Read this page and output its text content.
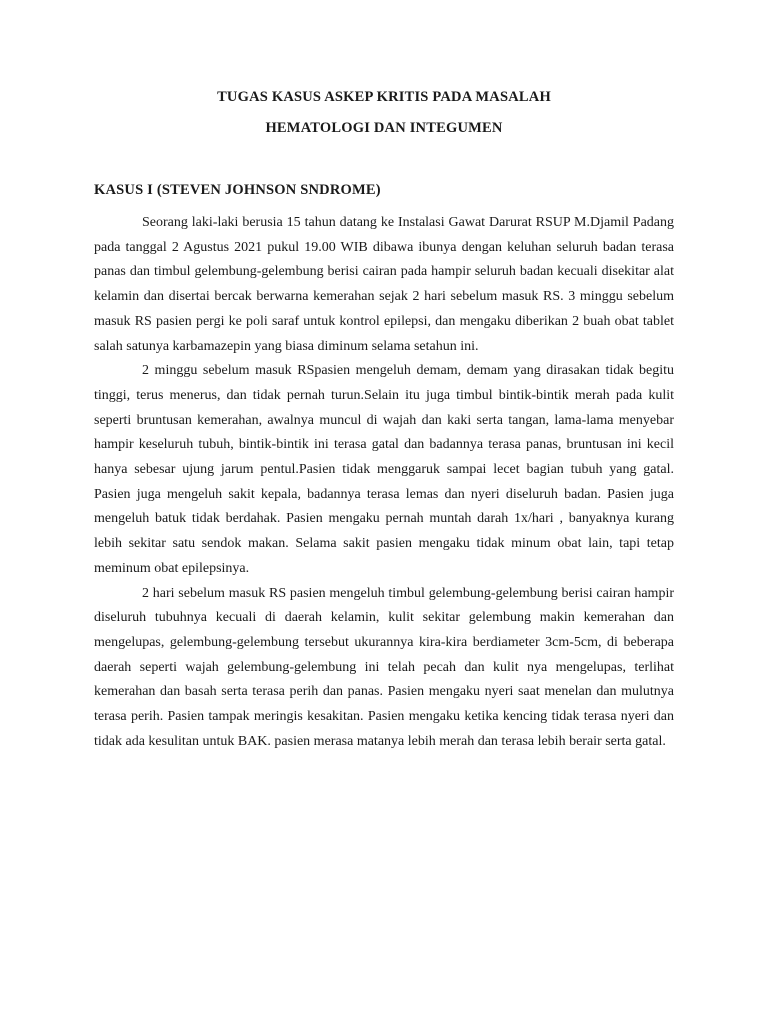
TUGAS KASUS ASKEP KRITIS PADA MASALAH

HEMATOLOGI DAN INTEGUMEN

KASUS I (STEVEN JOHNSON SNDROME)

Seorang laki-laki berusia 15 tahun datang ke Instalasi Gawat Darurat RSUP M.Djamil Padang pada tanggal 2 Agustus 2021 pukul 19.00 WIB dibawa ibunya dengan keluhan seluruh badan terasa panas dan timbul gelembung-gelembung berisi cairan pada hampir seluruh badan kecuali disekitar alat kelamin dan disertai bercak berwarna kemerahan sejak 2 hari sebelum masuk RS. 3 minggu sebelum masuk RS pasien pergi ke poli saraf untuk kontrol epilepsi, dan mengaku diberikan 2 buah obat tablet salah satunya karbamazepin yang biasa diminum selama setahun ini.

2 minggu sebelum masuk RSpasien mengeluh demam, demam yang dirasakan tidak begitu tinggi, terus menerus, dan tidak pernah turun.Selain itu juga timbul bintik-bintik merah pada kulit seperti bruntusan kemerahan, awalnya muncul di wajah dan kaki serta tangan, lama-lama menyebar hampir keseluruh tubuh, bintik-bintik ini terasa gatal dan badannya terasa panas, bruntusan ini kecil hanya sebesar ujung jarum pentul.Pasien tidak menggaruk sampai lecet bagian tubuh yang gatal. Pasien juga mengeluh sakit kepala, badannya terasa lemas dan nyeri diseluruh badan. Pasien juga mengeluh batuk tidak berdahak. Pasien mengaku pernah muntah darah 1x/hari , banyaknya kurang lebih sekitar satu sendok makan. Selama sakit pasien mengaku tidak minum obat lain, tapi tetap meminum obat epilepsinya.

2 hari sebelum masuk RS pasien mengeluh timbul gelembung-gelembung berisi cairan hampir diseluruh tubuhnya kecuali di daerah kelamin, kulit sekitar gelembung makin kemerahan dan mengelupas, gelembung-gelembung tersebut ukurannya kira-kira berdiameter 3cm-5cm, di beberapa daerah seperti wajah gelembung-gelembung ini telah pecah dan kulit nya mengelupas, terlihat kemerahan dan basah serta terasa perih dan panas. Pasien mengaku nyeri saat menelan dan mulutnya terasa perih. Pasien tampak meringis kesakitan. Pasien mengaku ketika kencing tidak terasa nyeri dan tidak ada kesulitan untuk BAK. pasien merasa matanya lebih merah dan terasa lebih berair serta gatal.
